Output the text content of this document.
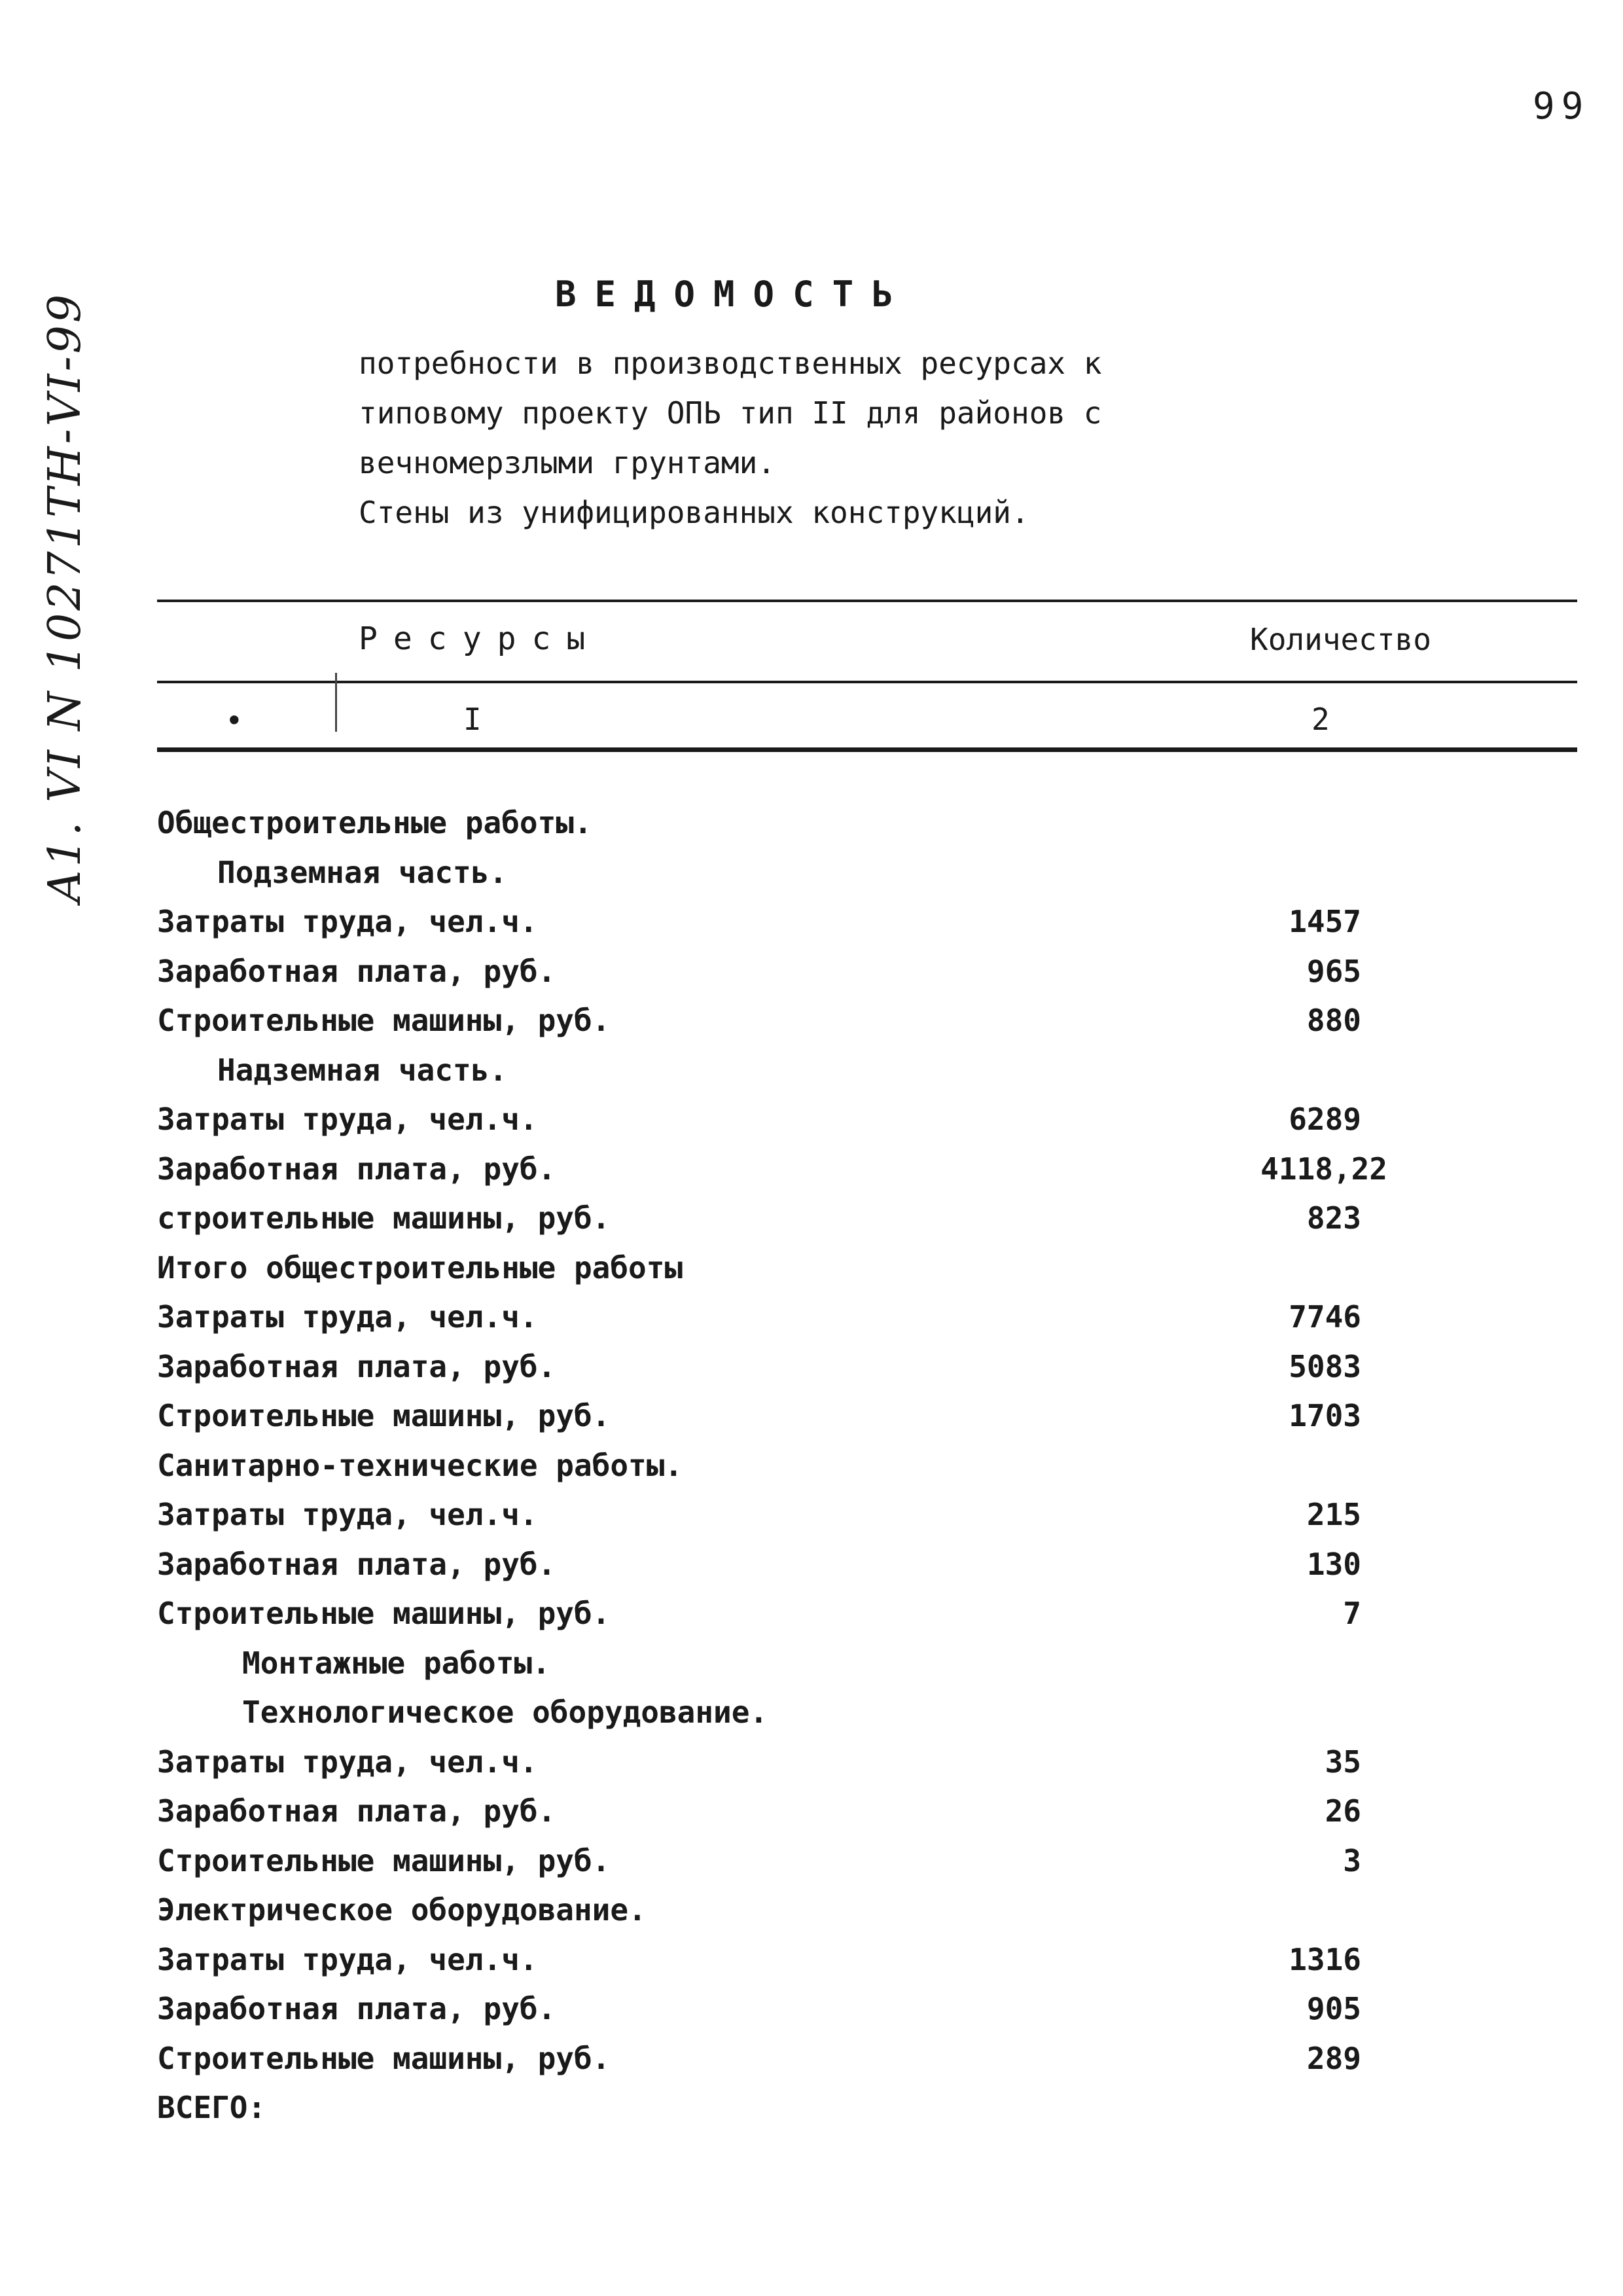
99
А1. VI N 10271ТН-VI-99	ВЕДОМОСТЬ
потребности в производственных ресурсах к
типовому проекту ОПЬ тип II для районов с
вечномерзлыми грунтами.
Стены из унифицированных конструкций.
Ресурсы	Количество
•	I	2
Общестроительные работы.
Подземная часть.
Затраты труда, чел.ч.	1457
Заработная плата, руб.	965
Строительные машины, руб.	880
Надземная часть.
Затраты труда, чел.ч.	6289
Заработная плата, руб.	4118,22
строительные машины, руб.	823
Итого общестроительные работы
Затраты труда, чел.ч.	7746
Заработная плата, руб.	5083
Строительные машины, руб.	1703
Санитарно-технические работы.
Затраты труда, чел.ч.	215
Заработная плата, руб.	130
Строительные машины, руб.	7
Монтажные работы.
Технологическое оборудование.
Затраты труда, чел.ч.	35
Заработная плата, руб.	26
Строительные машины, руб.	3
Электрическое оборудование.
Затраты труда, чел.ч.	1316
Заработная плата, руб.	905
Строительные машины, руб.	289
ВСЕГО:
